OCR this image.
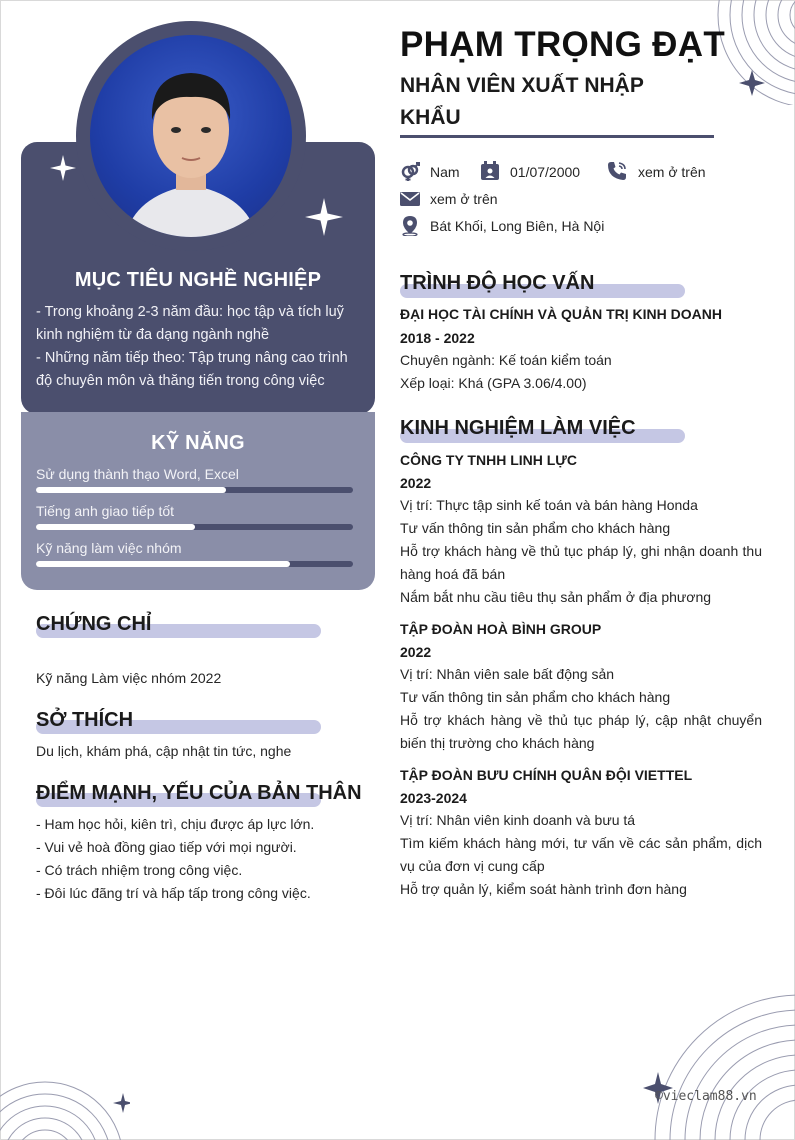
MỤC TIÊU NGHỀ NGHIỆP
- Trong khoảng 2-3 năm đầu: học tập và tích luỹ kinh nghiệm từ đa dạng ngành nghề
- Những năm tiếp theo: Tập trung nâng cao trình độ chuyên môn và thăng tiến trong công việc
KỸ NĂNG
Sử dụng thành thạo Word, Excel
Tiếng anh giao tiếp tốt
Kỹ năng làm việc nhóm
CHỨNG CHỈ
Kỹ năng Làm việc nhóm 2022
SỞ THÍCH
Du lịch, khám phá, cập nhật tin tức, nghe
ĐIỂM MẠNH, YẾU CỦA BẢN THÂN
- Ham học hỏi, kiên trì, chịu được áp lực lớn.
- Vui vẻ hoà đồng giao tiếp với mọi người.
- Có trách nhiệm trong công việc.
- Đôi lúc đãng trí và hấp tấp trong công việc.
PHẠM TRỌNG ĐẠT
NHÂN VIÊN XUẤT NHẬP KHẨU
Nam	01/07/2000	xem ở trên
xem ở trên
Bát Khối, Long Biên, Hà Nội
TRÌNH ĐỘ HỌC VẤN
ĐẠI HỌC TÀI CHÍNH VÀ QUẢN TRỊ KINH DOANH
2018 - 2022
Chuyên ngành: Kế toán kiểm toán
Xếp loại: Khá (GPA 3.06/4.00)
KINH NGHIỆM LÀM VIỆC
CÔNG TY TNHH LINH LỰC
2022
Vị trí: Thực tập sinh kế toán và bán hàng Honda
Tư vấn thông tin sản phẩm cho khách hàng
Hỗ trợ khách hàng về thủ tục pháp lý, ghi nhận doanh thu hàng hoá đã bán
Nắm bắt nhu cầu tiêu thụ sản phẩm ở địa phương
TẬP ĐOÀN HOÀ BÌNH GROUP
2022
Vị trí: Nhân viên sale bất động sản
Tư vấn thông tin sản phẩm cho khách hàng
Hỗ trợ khách hàng về thủ tục pháp lý, cập nhật chuyển biến thị trường cho khách hàng
TẬP ĐOÀN BƯU CHÍNH QUÂN ĐỘI VIETTEL
2023-2024
Vị trí: Nhân viên kinh doanh và bưu tá
Tìm kiếm khách hàng mới, tư vấn về các sản phẩm, dịch vụ của đơn vị cung cấp
Hỗ trợ quản lý, kiểm soát hành trình đơn hàng
©vieclam88.vn
